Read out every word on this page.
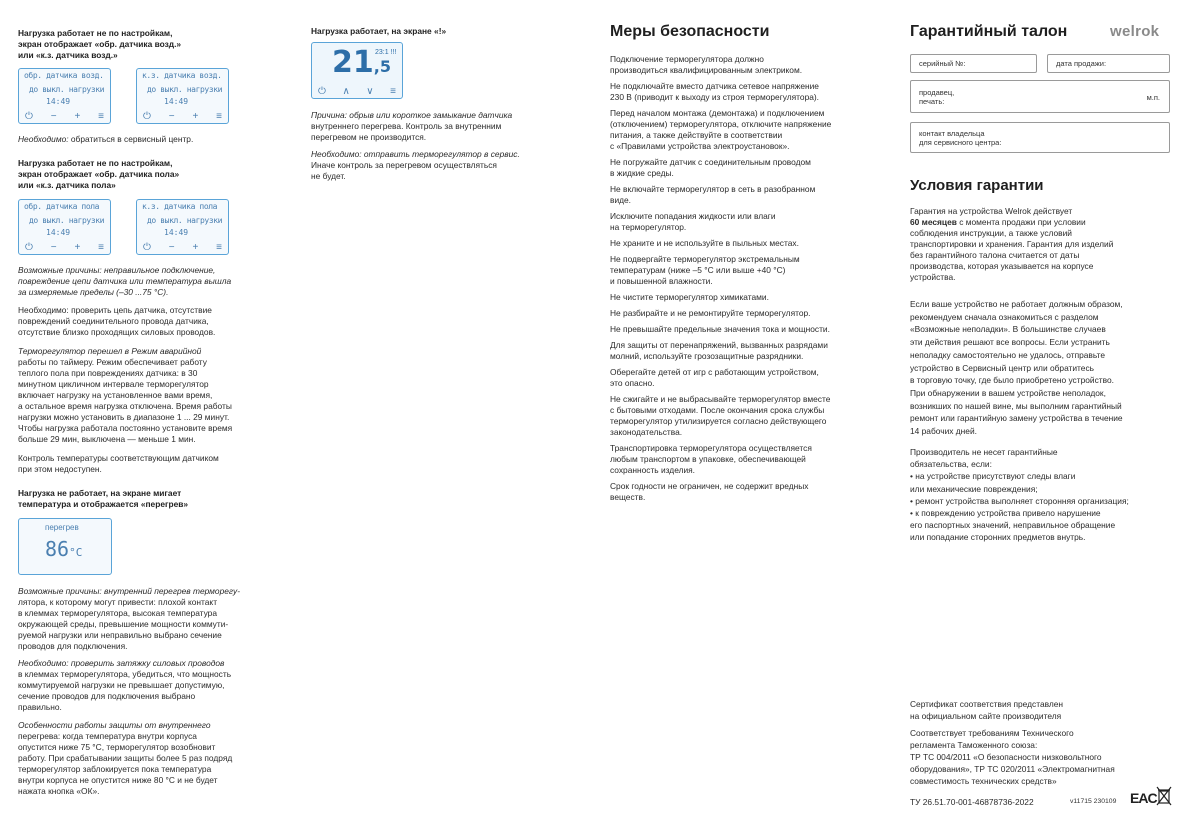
Нагрузка работает не по настройкам,
экран отображает «обр. датчика возд.»
или «к.з. датчика возд.»
обр. датчика возд.
до выкл. нагрузки
14:49
⏻ − + ≡
к.з. датчика возд.
до выкл. нагрузки
14:49
⏻ − + ≡
Необходимо: обратиться в сервисный центр.
Нагрузка работает не по настройкам,
экран отображает «обр. датчика пола»
или «к.з. датчика пола»
обр. датчика пола
до выкл. нагрузки
14:49
⏻ − + ≡
к.з. датчика пола
до выкл. нагрузки
14:49
⏻ − + ≡
Возможные причины: неправильное подключение,
повреждение цепи датчика или температура вышла
за измеряемые пределы (–30 ...75 °C).
Необходимо: проверить цепь датчика, отсутствие
повреждений соединительного провода датчика,
отсутствие близко проходящих силовых проводов.
Терморегулятор перешел в Режим аварийной
работы по таймеру. Режим обеспечивает работу
теплого пола при повреждениях датчика: в 30
минутном цикличном интервале терморегулятор
включает нагрузку на установленное вами время,
а остальное время нагрузка отключена. Время работы
нагрузки можно установить в диапазоне 1 ... 29 минут.
Чтобы нагрузка работала постоянно установите время
больше 29 мин, выключена — меньше 1 мин.
Контроль температуры соответствующим датчиком
при этом недоступен.
Нагрузка не работает, на экране мигает
температура и отображается «перегрев»
перегрев
86°C
Возможные причины: внутренний перегрев терморегу-
лятора, к которому могут привести: плохой контакт
в клеммах терморегулятора, высокая температура
окружающей среды, превышение мощности коммути-
руемой нагрузки или неправильно выбрано сечение
проводов для подключения.
Необходимо: проверить затяжку силовых проводов
в клеммах терморегулятора, убедиться, что мощность
коммутируемой нагрузки не превышает допустимую,
сечение проводов для подключения выбрано
правильно.
Особенности работы защиты от внутреннего
перегрева: когда температура внутри корпуса
опустится ниже 75 °С, терморегулятор возобновит
работу. При срабатывании защиты более 5 раз подряд
терморегулятор заблокируется пока температура
внутри корпуса не опустится ниже 80 °С и не будет
нажата кнопка «ОК».
Нагрузка работает, на экране «!»
21,5
23:1 !!!
⏻ ∧ ∨ ≡
Причина: обрыв или короткое замыкание датчика
внутреннего перегрева. Контроль за внутренним
перегревом не производится.
Необходимо: отправить терморегулятор в сервис.
Иначе контроль за перегревом осуществляться
не будет.
Меры безопасности
Подключение терморегулятора должно
производиться квалифицированным электриком.
Не подключайте вместо датчика сетевое напряжение
230 В (приводит к выходу из строя терморегулятора).
Перед началом монтажа (демонтажа) и подключением
(отключением) терморегулятора, отключите напряжение
питания, а также действуйте в соответствии
с «Правилами устройства электроустановок».
Не погружайте датчик с соединительным проводом
в жидкие среды.
Не включайте терморегулятор в сеть в разобранном
виде.
Исключите попадания жидкости или влаги
на терморегулятор.
Не храните и не используйте в пыльных местах.
Не подвергайте терморегулятор экстремальным
температурам (ниже –5 °C или выше +40 °C)
и повышенной влажности.
Не чистите терморегулятор химикатами.
Не разбирайте и не ремонтируйте терморегулятор.
Не превышайте предельные значения тока и мощности.
Для защиты от перенапряжений, вызванных разрядами
молний, используйте грозозащитные разрядники.
Оберегайте детей от игр с работающим устройством,
это опасно.
Не сжигайте и не выбрасывайте терморегулятор вместе
с бытовыми отходами. После окончания срока службы
терморегулятор утилизируется согласно действующего
законодательства.
Транспортировка терморегулятора осуществляется
любым транспортом в упаковке, обеспечивающей
сохранность изделия.
Срок годности не ограничен, не содержит вредных
веществ.
Гарантийный талон	welrok
серийный №:	дата продажи:
продавец,
печать:	м.п.
контакт владельца
для сервисного центра:
Условия гарантии
Гарантия на устройства Welrok действует
60 месяцев с момента продажи при условии
соблюдения инструкции, а также условий
транспортировки и хранения. Гарантия для изделий
без гарантийного талона считается от даты
производства, которая указывается на корпусе
устройства.
Если ваше устройство не работает должным образом,
рекомендуем сначала ознакомиться с разделом
«Возможные неполадки». В большинстве случаев
эти действия решают все вопросы. Если устранить
неполадку самостоятельно не удалось, отправьте
устройство в Сервисный центр или обратитесь
в торговую точку, где было приобретено устройство.
При обнаружении в вашем устройстве неполадок,
возникших по нашей вине, мы выполним гарантийный
ремонт или гарантийную замену устройства в течение
14 рабочих дней.
Производитель не несет гарантийные
обязательства, если:
• на устройстве присутствуют следы влаги
или механические повреждения;
• ремонт устройства выполняет сторонняя организация;
• к повреждению устройства привело нарушение
его паспортных значений, неправильное обращение
или попадание сторонних предметов внутрь.
Сертификат соответствия представлен
на официальном сайте производителя
Соответствует требованиям Технического
регламента Таможенного союза:
ТР ТС 004/2011 «О безопасности низковольтного
оборудования», ТР ТС 020/2011 «Электромагнитная
совместимость технических средств»
ТУ 26.51.70-001-46878736-2022	v11715 230109 EAC
